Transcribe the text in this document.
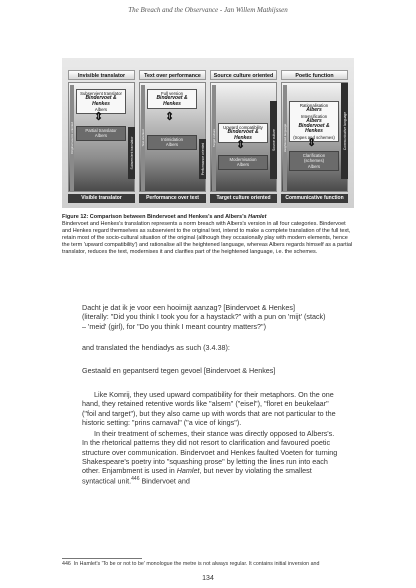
The Breach and the Observance - Jan Willem Mathijssen
Invisible translator
Original source oriented
Subservient translator
Bindervoet & Henkes
Albers
⇕
Partial translator
Albers
Subservient translator
Visible translator
Text over performance
Text oriented
Full version
Bindervoet & Henkes
⇕
Intimidation
Albers	Performance oriented
Performance over text
Source culture oriented
Target culture
Upward compatibility
Bindervoet & Henkes
⇕
Modernisation
Albers
Source culture
Target culture oriented
Poetic function
Heightened language
Rationalisation
Albers
Intensification
Albers
Bindervoet & Henkes
(tropes and schemes)
⇕
Clarification
(schemes)
Albers
Communicative language
Communicative function
Figure 12: Comparison between Bindervoet and Henkes's and Albers's Hamlet
Bindervoet and Henkes's translation represents a norm breach with Albers's version in all four categories. Bindervoet and Henkes regard themselves as subservient to the original text, intend to make a complete translation of the full text, retain most of the socio-cultural situation of the original (although they occasionally play with modern elements, hence the term 'upward compatibility') and rationalise all the heightened language, whereas Albers regards himself as a partial translator, reduces the text, modernises it and clarifies part of the heightened language, i.e. the schemes.
Dacht je dat ik je voor een hooimijt aanzag? [Bindervoet & Henkes]
(literally: "Did you think I took you for a haystack?" with a pun on 'mijt' (stack)
– 'meid' (girl), for "Do you think I meant country matters?")
and translated the hendiadys as such (3.4.38):
Gestaald en gepantserd tegen gevoel [Bindervoet & Henkes]
Like Komrij, they used upward compatibility for their metaphors. On the one hand, they retained retentive words like "alsem" ("eisel"), "floret en beukelaar" ("foil and target"), but they also came up with words that are not particular to the historic setting: "prins carnaval" ("a vice of kings").
In their treatment of schemes, their stance was directly opposed to Albers's. In the rhetorical patterns they did not resort to clarification and favoured poetic structure over communication. Bindervoet and Henkes faulted Voeten for turning Shakespeare's poetry into "squashing prose" by letting the lines run into each other. Enjambment is used in Hamlet, but never by violating the smallest syntactical unit.$^{446}$ Bindervoet and
446 In Hamlet's 'To be or not to be' monologue the metre is not always regular. It contains initial inversion and
134
